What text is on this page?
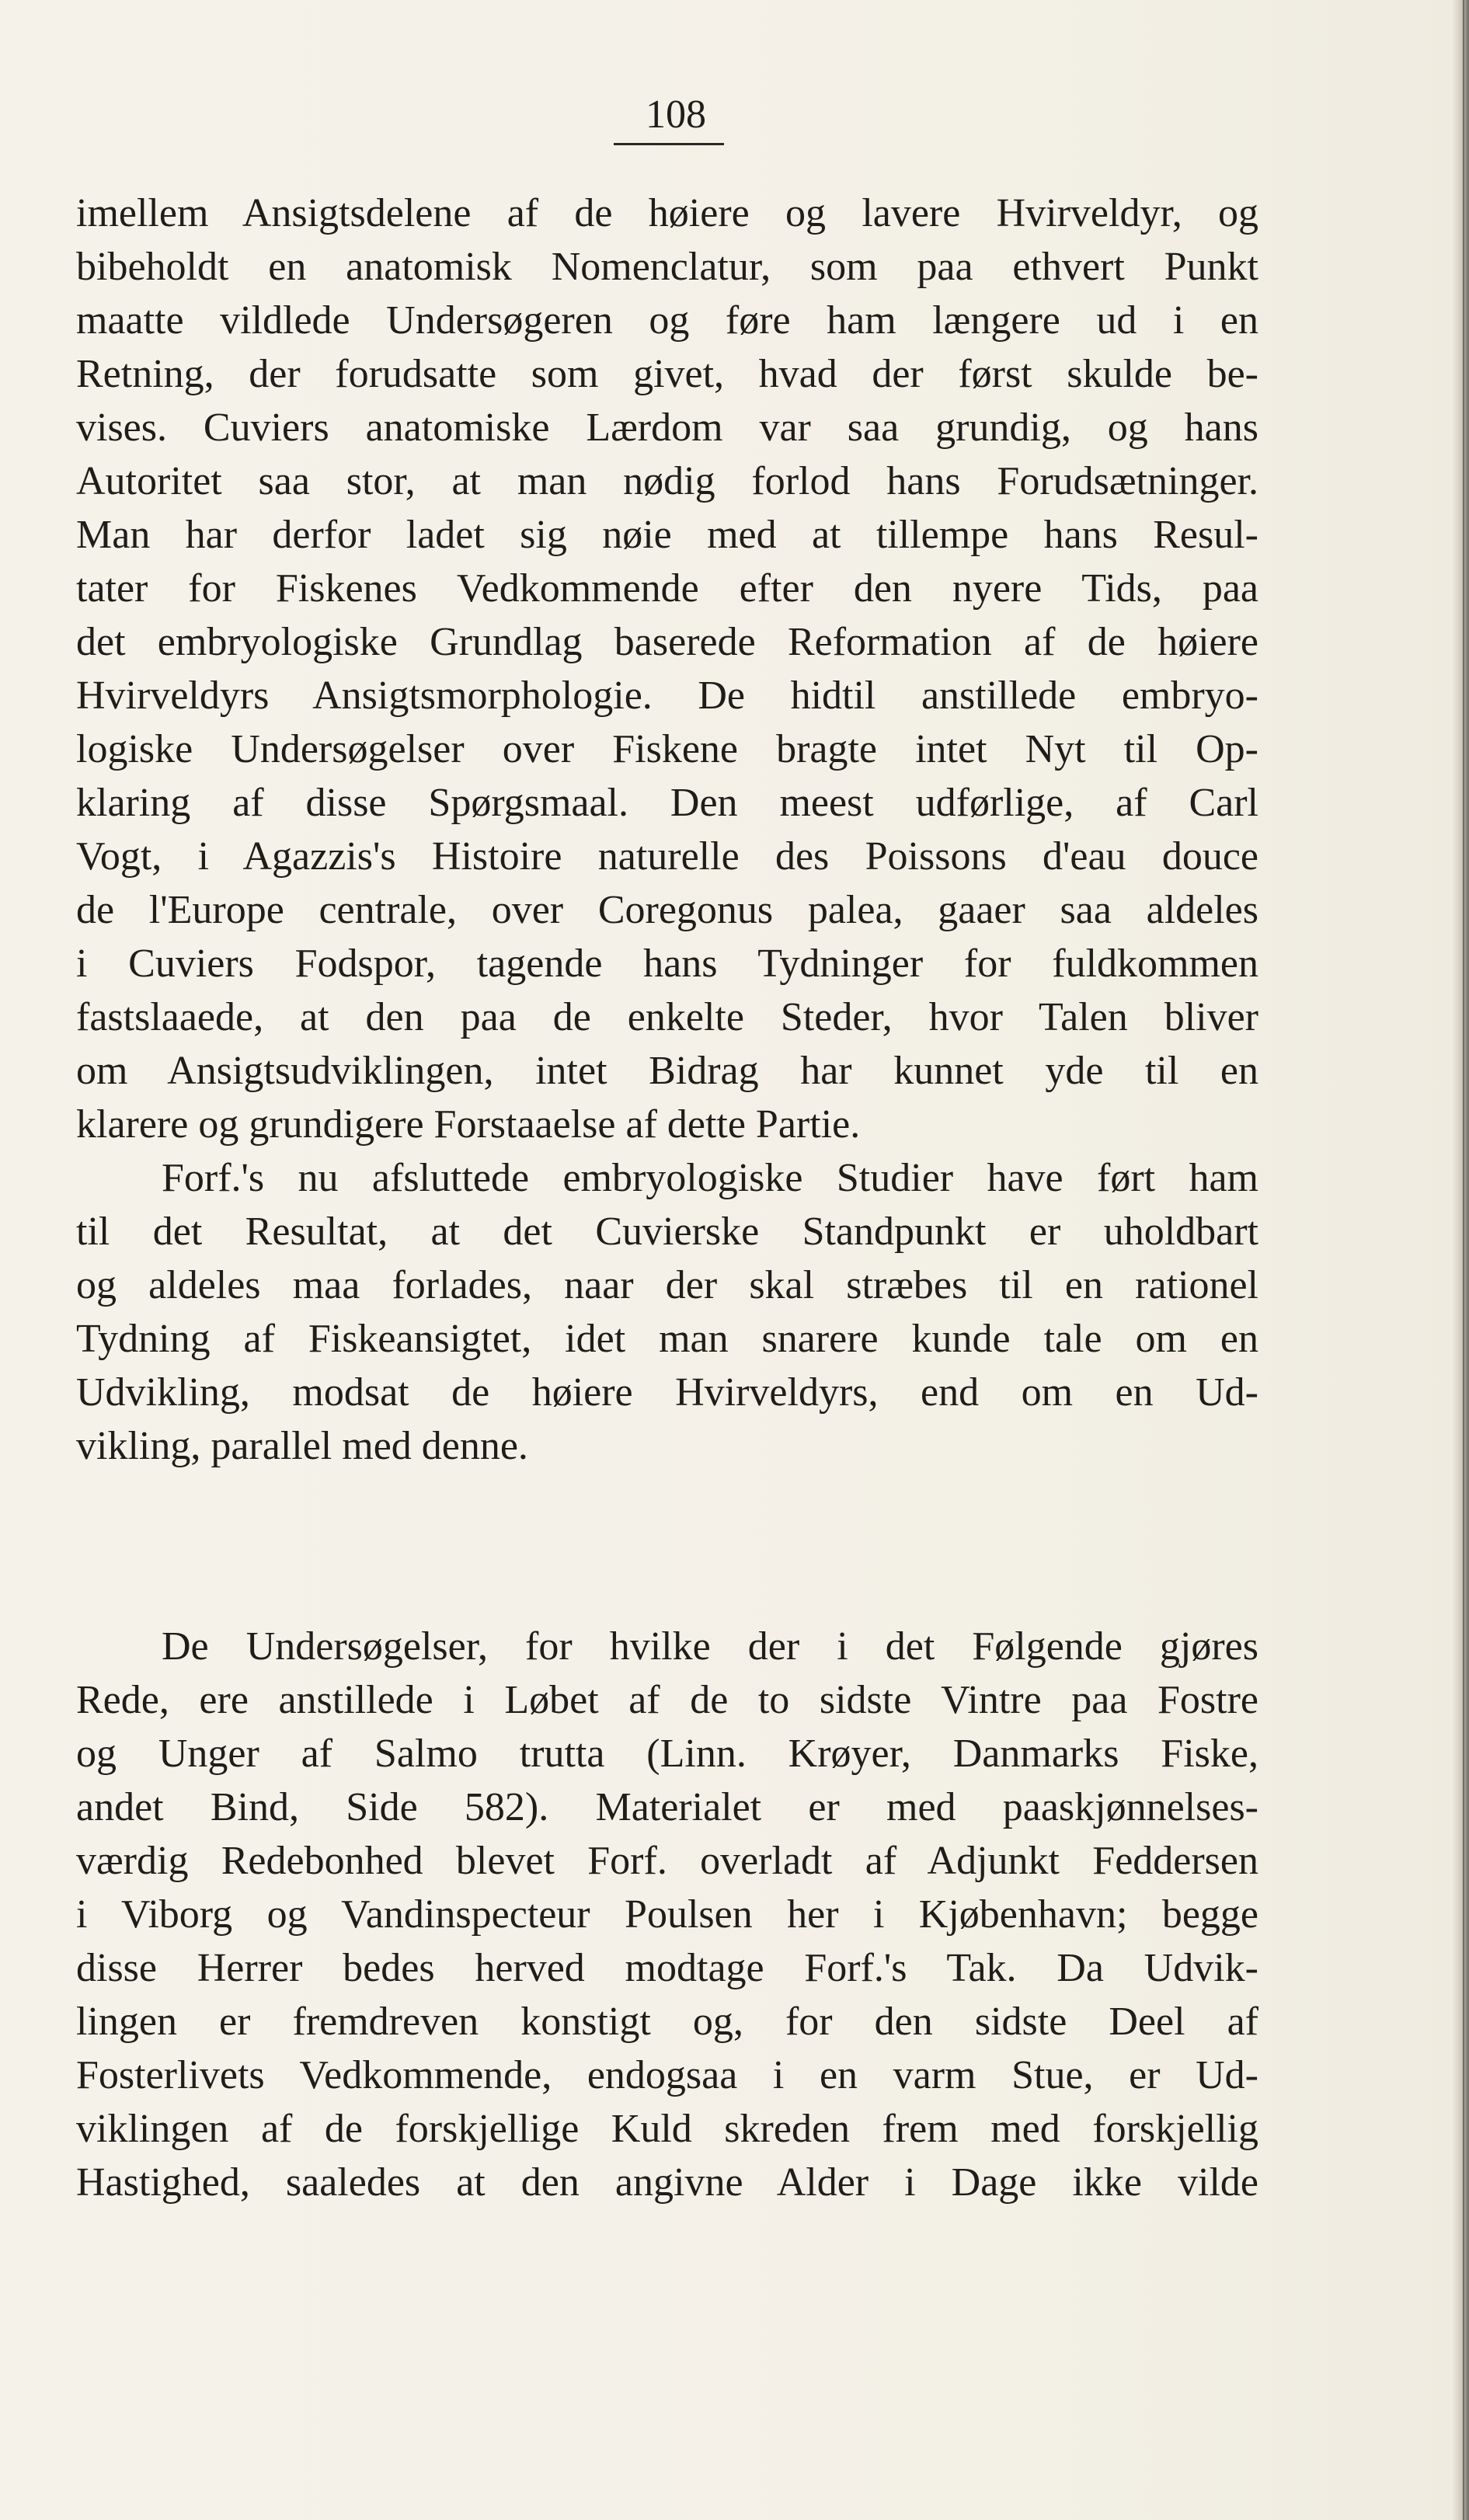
108
imellem Ansigtsdelene af de høiere og lavere Hvirveldyr, og
bibeholdt en anatomisk Nomenclatur, som paa ethvert Punkt
maatte vildlede Undersøgeren og føre ham længere ud i en
Retning, der forudsatte som givet, hvad der først skulde be-
vises. Cuviers anatomiske Lærdom var saa grundig, og hans
Autoritet saa stor, at man nødig forlod hans Forudsætninger.
Man har derfor ladet sig nøie med at tillempe hans Resul-
tater for Fiskenes Vedkommende efter den nyere Tids, paa
det embryologiske Grundlag baserede Reformation af de høiere
Hvirveldyrs Ansigtsmorphologie. De hidtil anstillede embryo-
logiske Undersøgelser over Fiskene bragte intet Nyt til Op-
klaring af disse Spørgsmaal. Den meest udførlige, af Carl
Vogt, i Agazzis's Histoire naturelle des Poissons d'eau douce
de l'Europe centrale, over Coregonus palea, gaaer saa aldeles
i Cuviers Fodspor, tagende hans Tydninger for fuldkommen
fastslaaede, at den paa de enkelte Steder, hvor Talen bliver
om Ansigtsudviklingen, intet Bidrag har kunnet yde til en
klarere og grundigere Forstaaelse af dette Partie.
Forf.'s nu afsluttede embryologiske Studier have ført ham
til det Resultat, at det Cuvierske Standpunkt er uholdbart
og aldeles maa forlades, naar der skal stræbes til en rationel
Tydning af Fiskeansigtet, idet man snarere kunde tale om en
Udvikling, modsat de høiere Hvirveldyrs, end om en Ud-
vikling, parallel med denne.
De Undersøgelser, for hvilke der i det Følgende gjøres
Rede, ere anstillede i Løbet af de to sidste Vintre paa Fostre
og Unger af Salmo trutta (Linn. Krøyer, Danmarks Fiske,
andet Bind, Side 582). Materialet er med paaskjønnelses-
værdig Redebonhed blevet Forf. overladt af Adjunkt Feddersen
i Viborg og Vandinspecteur Poulsen her i Kjøbenhavn; begge
disse Herrer bedes herved modtage Forf.'s Tak. Da Udvik-
lingen er fremdreven konstigt og, for den sidste Deel af
Fosterlivets Vedkommende, endogsaa i en varm Stue, er Ud-
viklingen af de forskjellige Kuld skreden frem med forskjellig
Hastighed, saaledes at den angivne Alder i Dage ikke vilde
